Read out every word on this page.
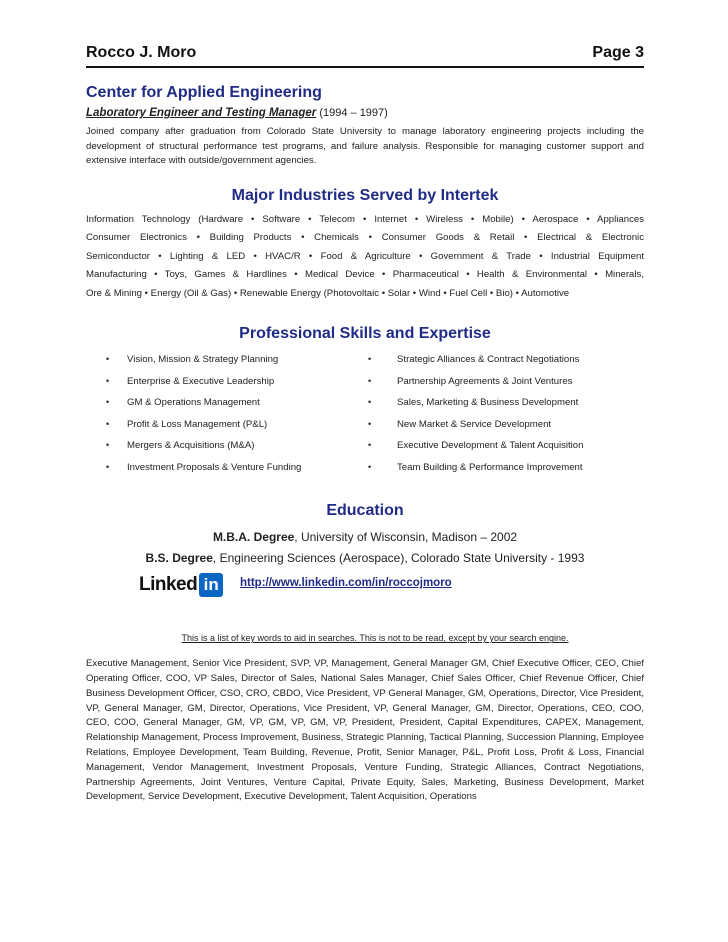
Rocco J. Moro	Page 3
Center for Applied Engineering
Laboratory Engineer and Testing Manager (1994 – 1997)
Joined company after graduation from Colorado State University to manage laboratory engineering projects including the development of structural performance test programs, and failure analysis. Responsible for managing customer support and extensive interface with outside/government agencies.
Major Industries Served by Intertek
Information Technology (Hardware • Software • Telecom • Internet • Wireless • Mobile) • Aerospace • Appliances
Consumer Electronics • Building Products • Chemicals • Consumer Goods & Retail • Electrical & Electronic
Semiconductor • Lighting & LED • HVAC/R • Food & Agriculture • Government & Trade • Industrial Equipment
Manufacturing • Toys, Games & Hardlines • Medical Device • Pharmaceutical • Health & Environmental • Minerals,
Ore & Mining • Energy (Oil & Gas) • Renewable Energy (Photovoltaic • Solar • Wind • Fuel Cell • Bio) • Automotive
Professional Skills and Expertise
• Vision, Mission & Strategy Planning	•	Strategic Alliances & Contract Negotiations
• Enterprise & Executive Leadership	•	Partnership Agreements & Joint Ventures
• GM & Operations Management	•	Sales, Marketing & Business Development
• Profit & Loss Management (P&L)	•	New Market & Service Development
• Mergers & Acquisitions (M&A)	•	Executive Development & Talent Acquisition
• Investment Proposals & Venture Funding	•	Team Building & Performance Improvement
Education
M.B.A. Degree, University of Wisconsin, Madison – 2002
B.S. Degree, Engineering Sciences (Aerospace), Colorado State University - 1993
Linked in	http://www.linkedin.com/in/roccojmoro
This is a list of key words to aid in searches. This is not to be read, except by your search engine.
Executive Management, Senior Vice President, SVP, VP, Management, General Manager GM, Chief Executive Officer, CEO, Chief Operating Officer, COO, VP Sales, Director of Sales, National Sales Manager, Chief Sales Officer, Chief Revenue Officer, Chief Business Development Officer, CSO, CRO, CBDO, Vice President, VP General Manager, GM, Operations, Director, Vice President, VP, General Manager, GM, Director, Operations, Vice President, VP, General Manager, GM, Director, Operations, CEO, COO, CEO, COO, General Manager, GM, VP, GM, VP, GM, VP, President, President, Capital Expenditures, CAPEX, Management, Relationship Management, Process Improvement, Business, Strategic Planning, Tactical Planning, Succession Planning, Employee Relations, Employee Development, Team Building, Revenue, Profit, Senior Manager, P&L, Profit Loss, Profit & Loss, Financial Management, Vendor Management, Investment Proposals, Venture Funding, Strategic Alliances, Contract Negotiations, Partnership Agreements, Joint Ventures, Venture Capital, Private Equity, Sales, Marketing, Business Development, Market Development, Service Development, Executive Development, Talent Acquisition, Operations
